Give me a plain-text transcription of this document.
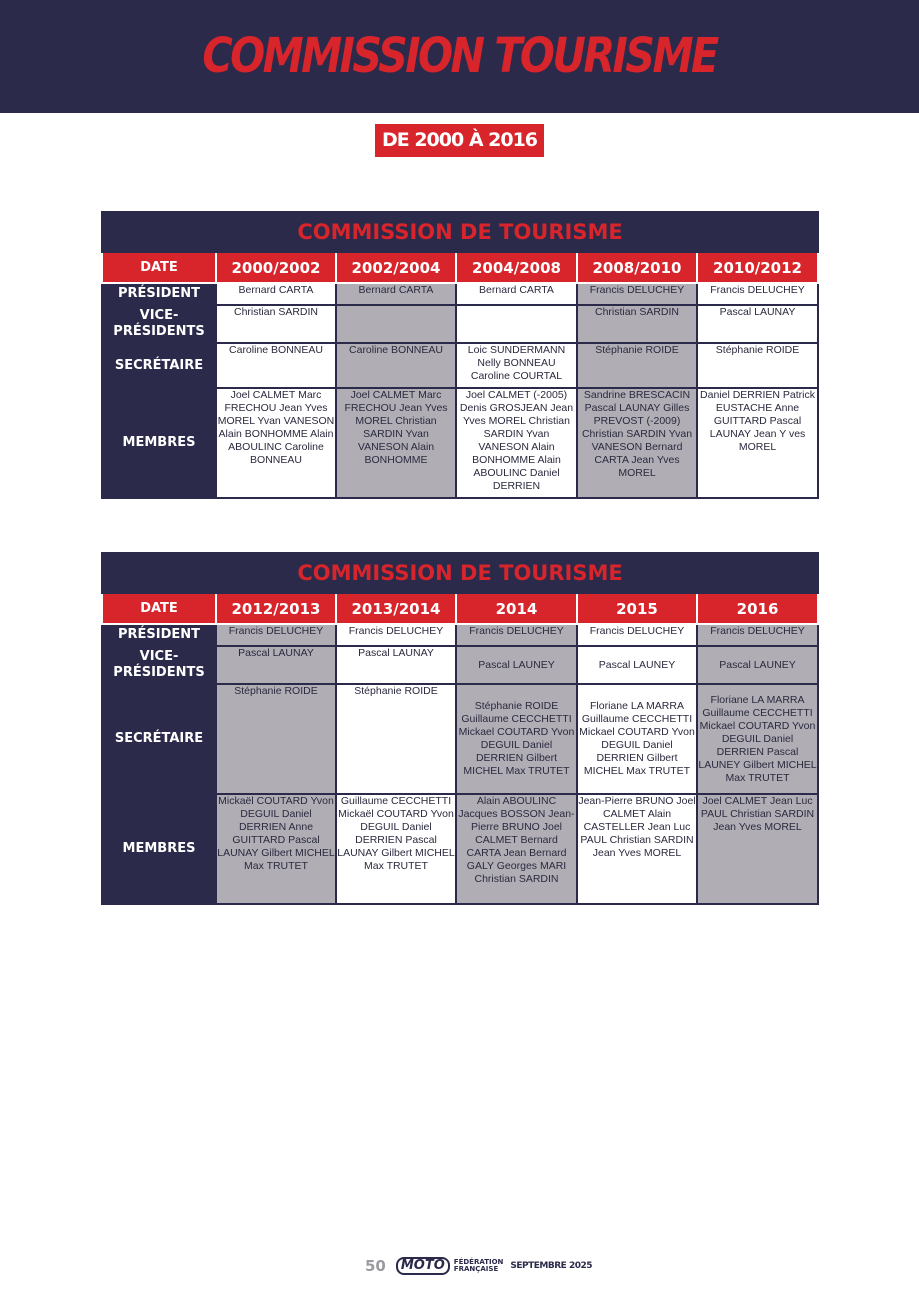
COMMISSION TOURISME
DE 2000 À 2016
COMMISSION DE TOURISME					
DATE	2000/2002	2002/2004	2004/2008	2008/2010	2010/2012
PRÉSIDENT	Bernard CARTA	Bernard CARTA	Bernard CARTA	Francis DELUCHEY	Francis DELUCHEY
VICE-PRÉSIDENTS	Christian SARDIN			Christian SARDIN	Pascal LAUNAY
SECRÉTAIRE	Caroline BONNEAU	Caroline BONNEAU	Loic SUNDERMANN Nelly BONNEAU Caroline COURTAL	Stéphanie ROIDE	Stéphanie ROIDE
MEMBRES	Joel CALMET Marc FRECHOU Jean Yves MOREL Yvan VANESON Alain BONHOMME Alain ABOULINC Caroline BONNEAU	Joel CALMET Marc FRECHOU Jean Yves MOREL Christian SARDIN Yvan VANESON Alain BONHOMME	Joel CALMET (-2005) Denis GROSJEAN Jean Yves MOREL Christian SARDIN Yvan VANESON Alain BONHOMME Alain ABOULINC Daniel DERRIEN	Sandrine BRESCACIN Pascal LAUNAY Gilles PREVOST (-2009) Christian SARDIN Yvan VANESON Bernard CARTA Jean Yves MOREL	Daniel DERRIEN Patrick EUSTACHE Anne GUITTARD Pascal LAUNAY Jean Y ves MOREL
COMMISSION DE TOURISME					
DATE	2012/2013	2013/2014	2014	2015	2016
PRÉSIDENT	Francis DELUCHEY	Francis DELUCHEY	Francis DELUCHEY	Francis DELUCHEY	Francis DELUCHEY
VICE-PRÉSIDENTS	Pascal LAUNAY	Pascal LAUNAY	Pascal LAUNEY	Pascal LAUNEY	Pascal LAUNEY
SECRÉTAIRE	Stéphanie ROIDE	Stéphanie ROIDE	Stéphanie ROIDE Guillaume CECCHETTI Mickael COUTARD Yvon DEGUIL Daniel DERRIEN Gilbert MICHEL Max TRUTET	Floriane LA MARRA Guillaume CECCHETTI Mickael COUTARD Yvon DEGUIL Daniel DERRIEN Gilbert MICHEL Max TRUTET	Floriane LA MARRA Guillaume CECCHETTI Mickael COUTARD Yvon DEGUIL Daniel DERRIEN Pascal LAUNEY Gilbert MICHEL Max TRUTET
MEMBRES	Mickaël COUTARD Yvon DEGUIL Daniel DERRIEN Anne GUITTARD Pascal LAUNAY Gilbert MICHEL Max TRUTET	Guillaume CECCHETTI Mickaël COUTARD Yvon DEGUIL Daniel DERRIEN Pascal LAUNAY Gilbert MICHEL Max TRUTET	Alain ABOULINC Jacques BOSSON Jean-Pierre BRUNO Joel CALMET Bernard CARTA Jean Bernard GALY Georges MARI Christian SARDIN	Jean-Pierre BRUNO Joel CALMET Alain CASTELLER Jean Luc PAUL Christian SARDIN Jean Yves MOREL	Joel CALMET Jean Luc PAUL Christian SARDIN Jean Yves MOREL
50	MOTO	FÉDÉRATION
FRANÇAISE	SEPTEMBRE 2025
